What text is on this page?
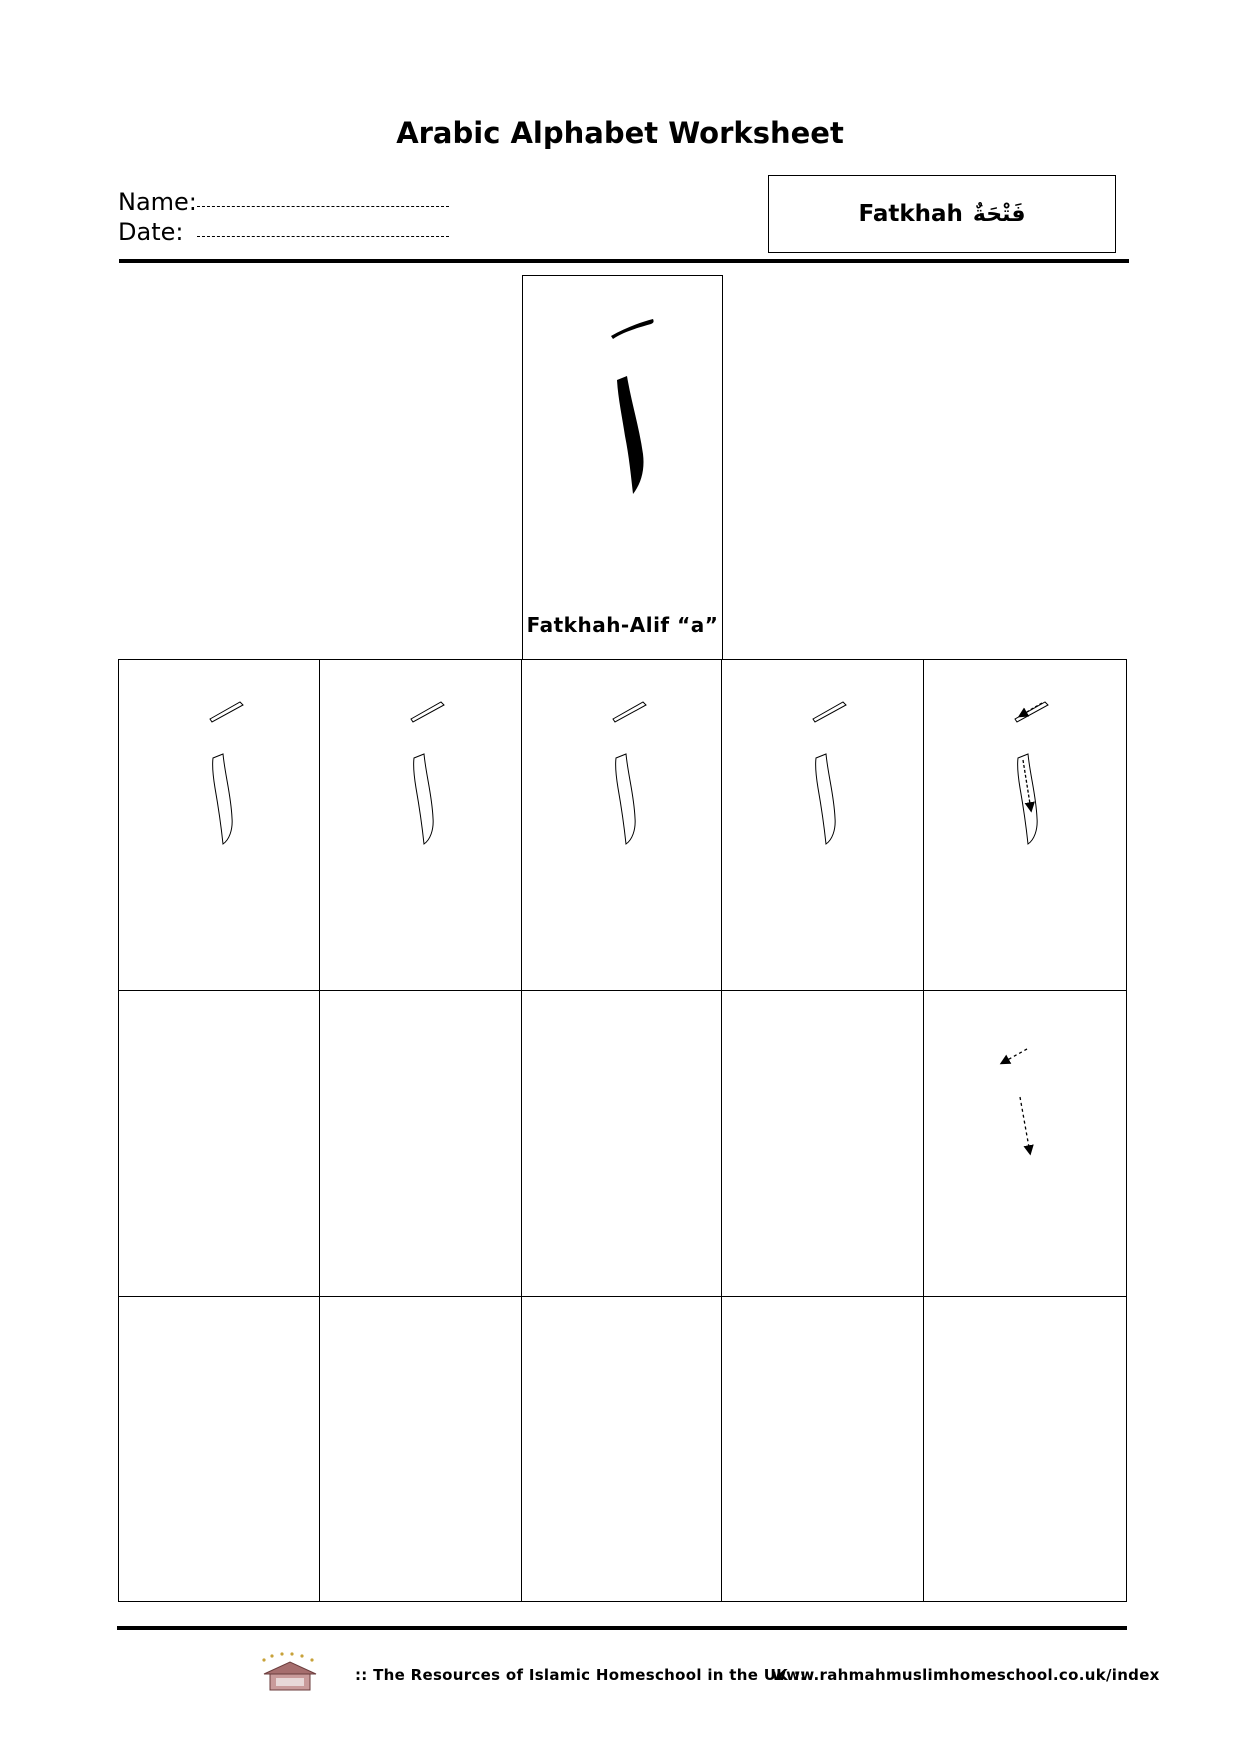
Arabic Alphabet Worksheet
Name:
Date:
Fatkhah فَتْحَةٌ
Fatkhah-Alif “a”
:: The Resources of Islamic Homeschool in the UK ::
www.rahmahmuslimhomeschool.co.uk/index
